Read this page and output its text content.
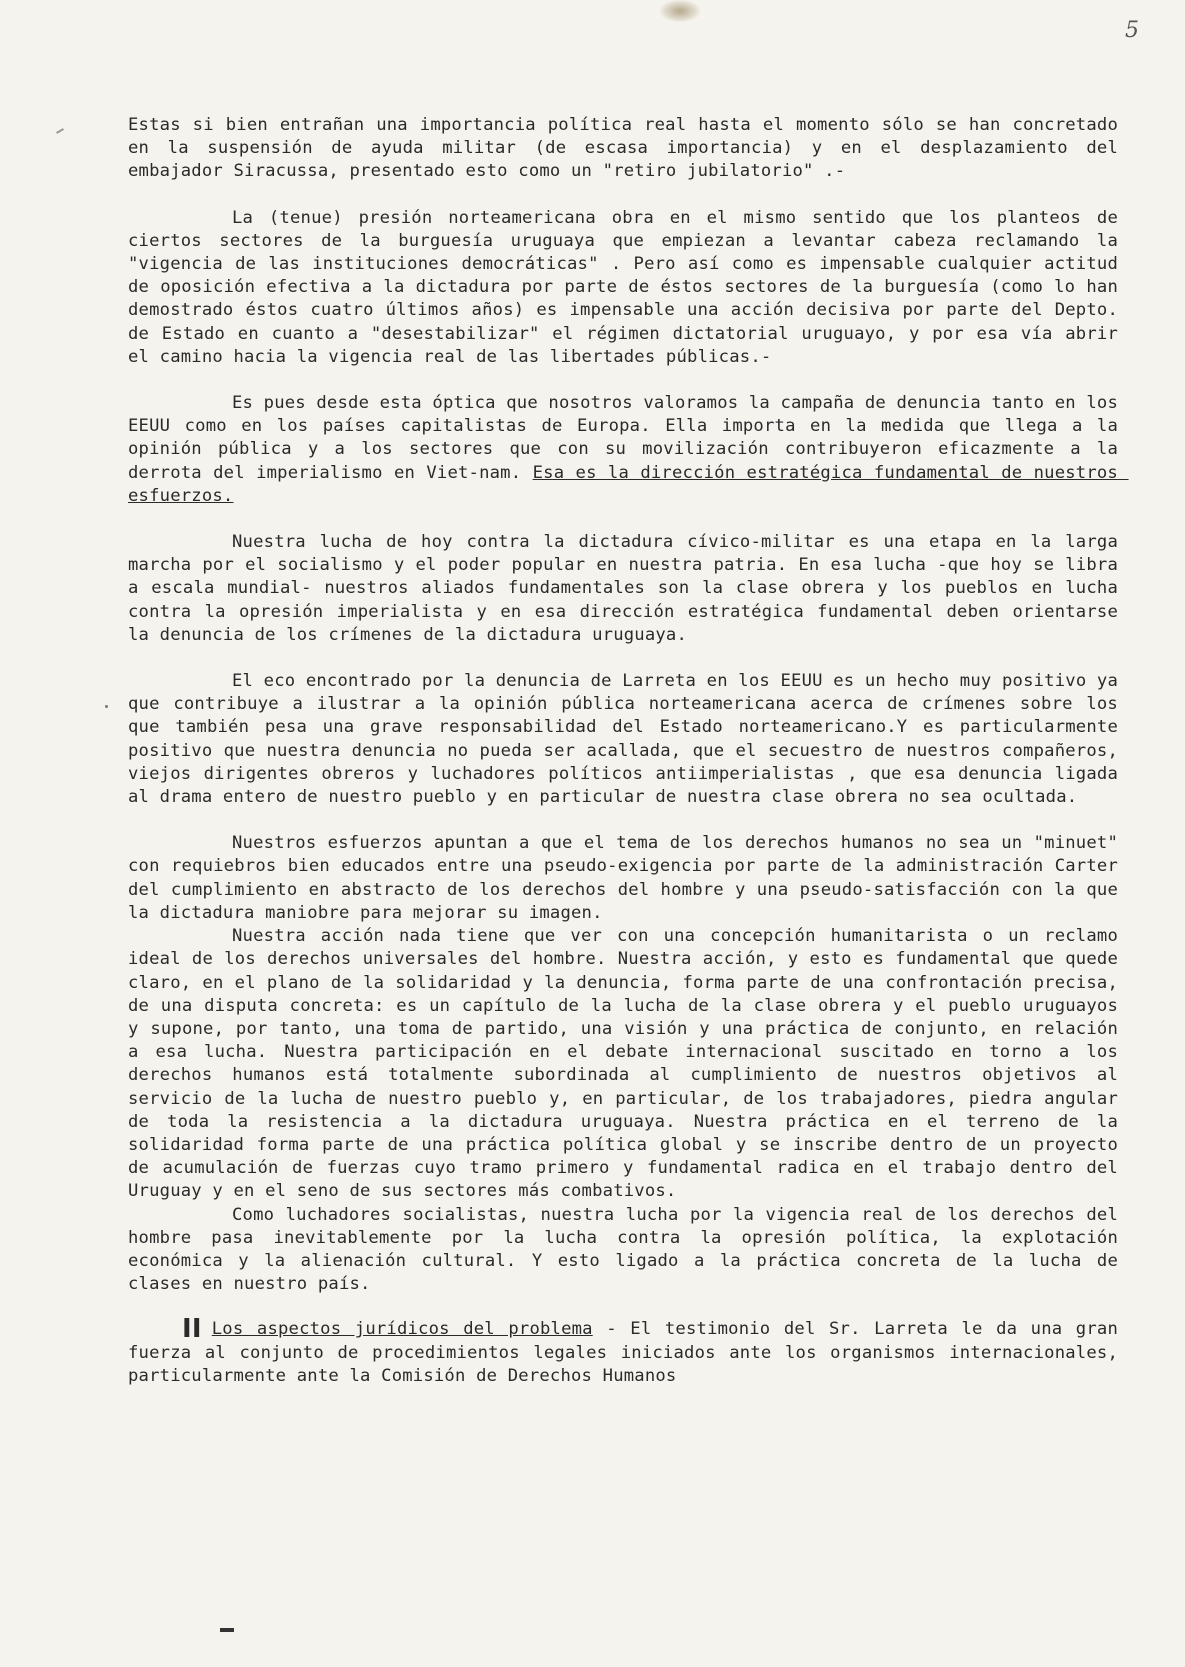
5

Estas si bien entrañan una importancia política real hasta el momento sólo se han concretado en la suspensión de ayuda militar (de escasa importancia) y en el desplazamiento del embajador Siracussa, presentado esto como un "retiro jubilatorio" .-

La (tenue) presión norteamericana obra en el mismo sentido que los planteos de ciertos sectores de la burguesía uruguaya que empiezan a levantar cabeza reclamando la "vigencia de las instituciones democráticas" . Pero así como es impensable cualquier actitud de oposición efectiva a la dictadura por parte de éstos sectores de la burguesía (como lo han demostrado éstos cuatro últimos años) es impensable una acción decisiva por parte del Depto. de Estado en cuanto a "desestabilizar" el régimen dictatorial uruguayo, y por esa vía abrir el camino hacia la vigencia real de las libertades públicas.-

Es pues desde esta óptica que nosotros valoramos la campaña de denuncia tanto en los EEUU como en los países capitalistas de Europa. Ella importa en la medida que llega a la opinión pública y a los sectores que con su movilización contribuyeron eficazmente a la derrota del imperialismo en Viet-nam. Esa es la dirección estratégica fundamental de nuestros esfuerzos.

Nuestra lucha de hoy contra la dictadura cívico-militar es una etapa en la larga marcha por el socialismo y el poder popular en nuestra patria. En esa lucha -que hoy se libra a escala mundial- nuestros aliados fundamentales son la clase obrera y los pueblos en lucha contra la opresión imperialista y en esa dirección estratégica fundamental deben orientarse la denuncia de los crímenes de la dictadura uruguaya.

El eco encontrado por la denuncia de Larreta en los EEUU es un hecho muy positivo ya que contribuye a ilustrar a la opinión pública norteamericana acerca de crímenes sobre los que también pesa una grave responsabilidad del Estado norteamericano.Y es particularmente positivo que nuestra denuncia no pueda ser acallada, que el secuestro de nuestros compañeros, viejos dirigentes obreros y luchadores políticos antiimperialistas , que esa denuncia ligada al drama entero de nuestro pueblo y en particular de nuestra clase obrera no sea ocultada.

Nuestros esfuerzos apuntan a que el tema de los derechos humanos no sea un "minuet" con requiebros bien educados entre una pseudo-exigencia por parte de la administración Carter del cumplimiento en abstracto de los derechos del hombre y una pseudo-satisfacción con la que la dictadura maniobre para mejorar su imagen.

Nuestra acción nada tiene que ver con una concepción humanitarista o un reclamo ideal de los derechos universales del hombre. Nuestra acción, y esto es fundamental que quede claro, en el plano de la solidaridad y la denuncia, forma parte de una confrontación precisa, de una disputa concreta: es un capítulo de la lucha de la clase obrera y el pueblo uruguayos y supone, por tanto, una toma de partido, una visión y una práctica de conjunto, en relación a esa lucha. Nuestra participación en el debate internacional suscitado en torno a los derechos humanos está totalmente subordinada al cumplimiento de nuestros objetivos al servicio de la lucha de nuestro pueblo y, en particular, de los trabajadores, piedra angular de toda la resistencia a la dictadura uruguaya. Nuestra práctica en el terreno de la solidaridad forma parte de una práctica política global y se inscribe dentro de un proyecto de acumulación de fuerzas cuyo tramo primero y fundamental radica en el trabajo dentro del Uruguay y en el seno de sus sectores más combativos.

Como luchadores socialistas, nuestra lucha por la vigencia real de los derechos del hombre pasa inevitablemente por la lucha contra la opresión política, la explotación económica y la alienación cultural. Y esto ligado a la práctica concreta de la lucha de clases en nuestro país.

II Los aspectos jurídicos del problema - El testimonio del Sr. Larreta le da una gran fuerza al conjunto de procedimientos legales iniciados ante los organismos internacionales, particularmente ante la Comisión de Derechos Humanos
